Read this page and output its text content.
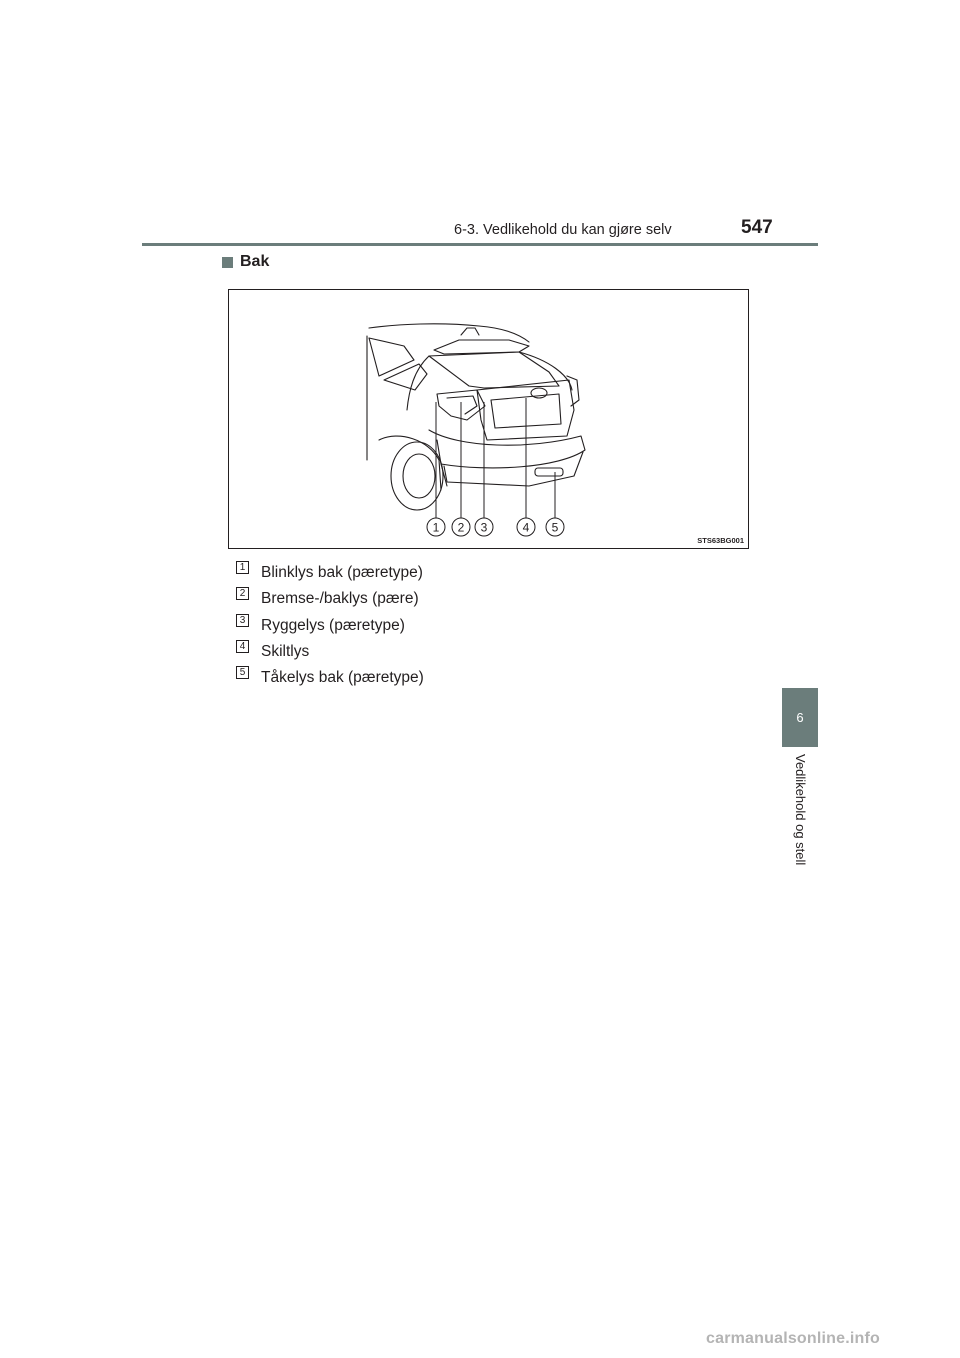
6-3. Vedlikehold du kan gjøre selv	547
6
Vedlikehold og stell
Bak
1 2 3	4 5
STS63BG001
1 Blinklys bak (pæretype)
2 Bremse-/baklys (pære)
3 Ryggelys (pæretype)
4 Skiltlys
5 Tåkelys bak (pæretype)
carmanualsonline.info
